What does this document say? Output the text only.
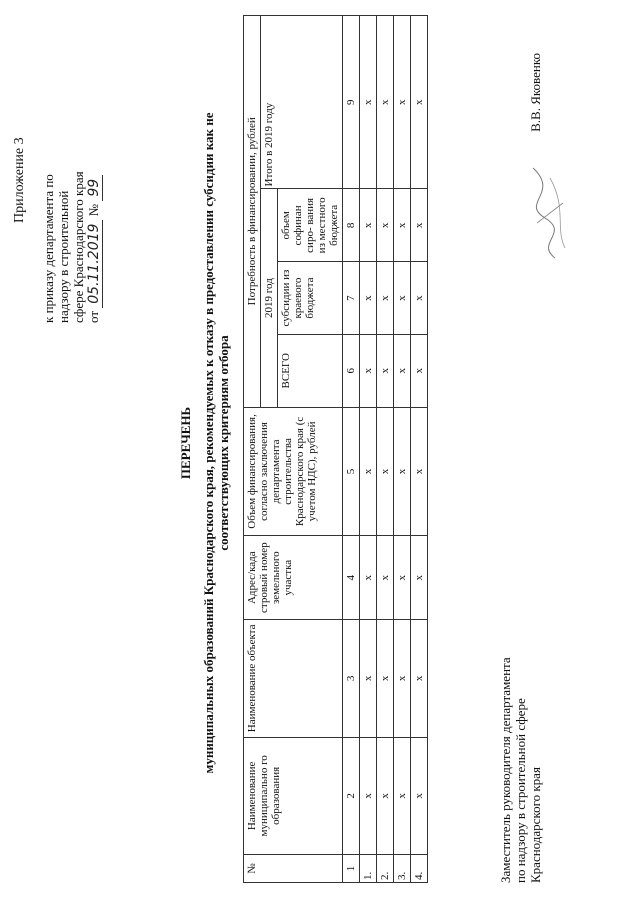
Приложение 3 к приказу департамента по надзору в строительной сфере Краснодарского края от 05.11.2019 № 99
ПЕРЕЧЕНЬ муниципальных образований Краснодарского края, рекомендуемых к отказу в предоставлении субсидии как не соответствующих критериям отбора
№	Наименование муниципально го образования	Наименование объекта	Адрес/када стровый номер земельного участка	Объем финансирования, согласно заключения департамента строительства Краснодарского края (с учетом НДС), рублей	Потребность в финансировании, рублей			
					2019 год			Итого в 2019 году
					ВСЕГО	субсидии из краевого бюджета	объем софинан сиро- вания из местного бюджета	
1	2	3	4	5	6	7	8	9
1.	х	х	х	х	х	х	х	х
2.	х	х	х	х	х	х	х	х
3.	х	х	х	х	х	х	х	х
4.	х	х	х	х	х	х	х	х
Заместитель руководителя департамента по надзору в строительной сфере Краснодарского края
В.В. Яковенко
